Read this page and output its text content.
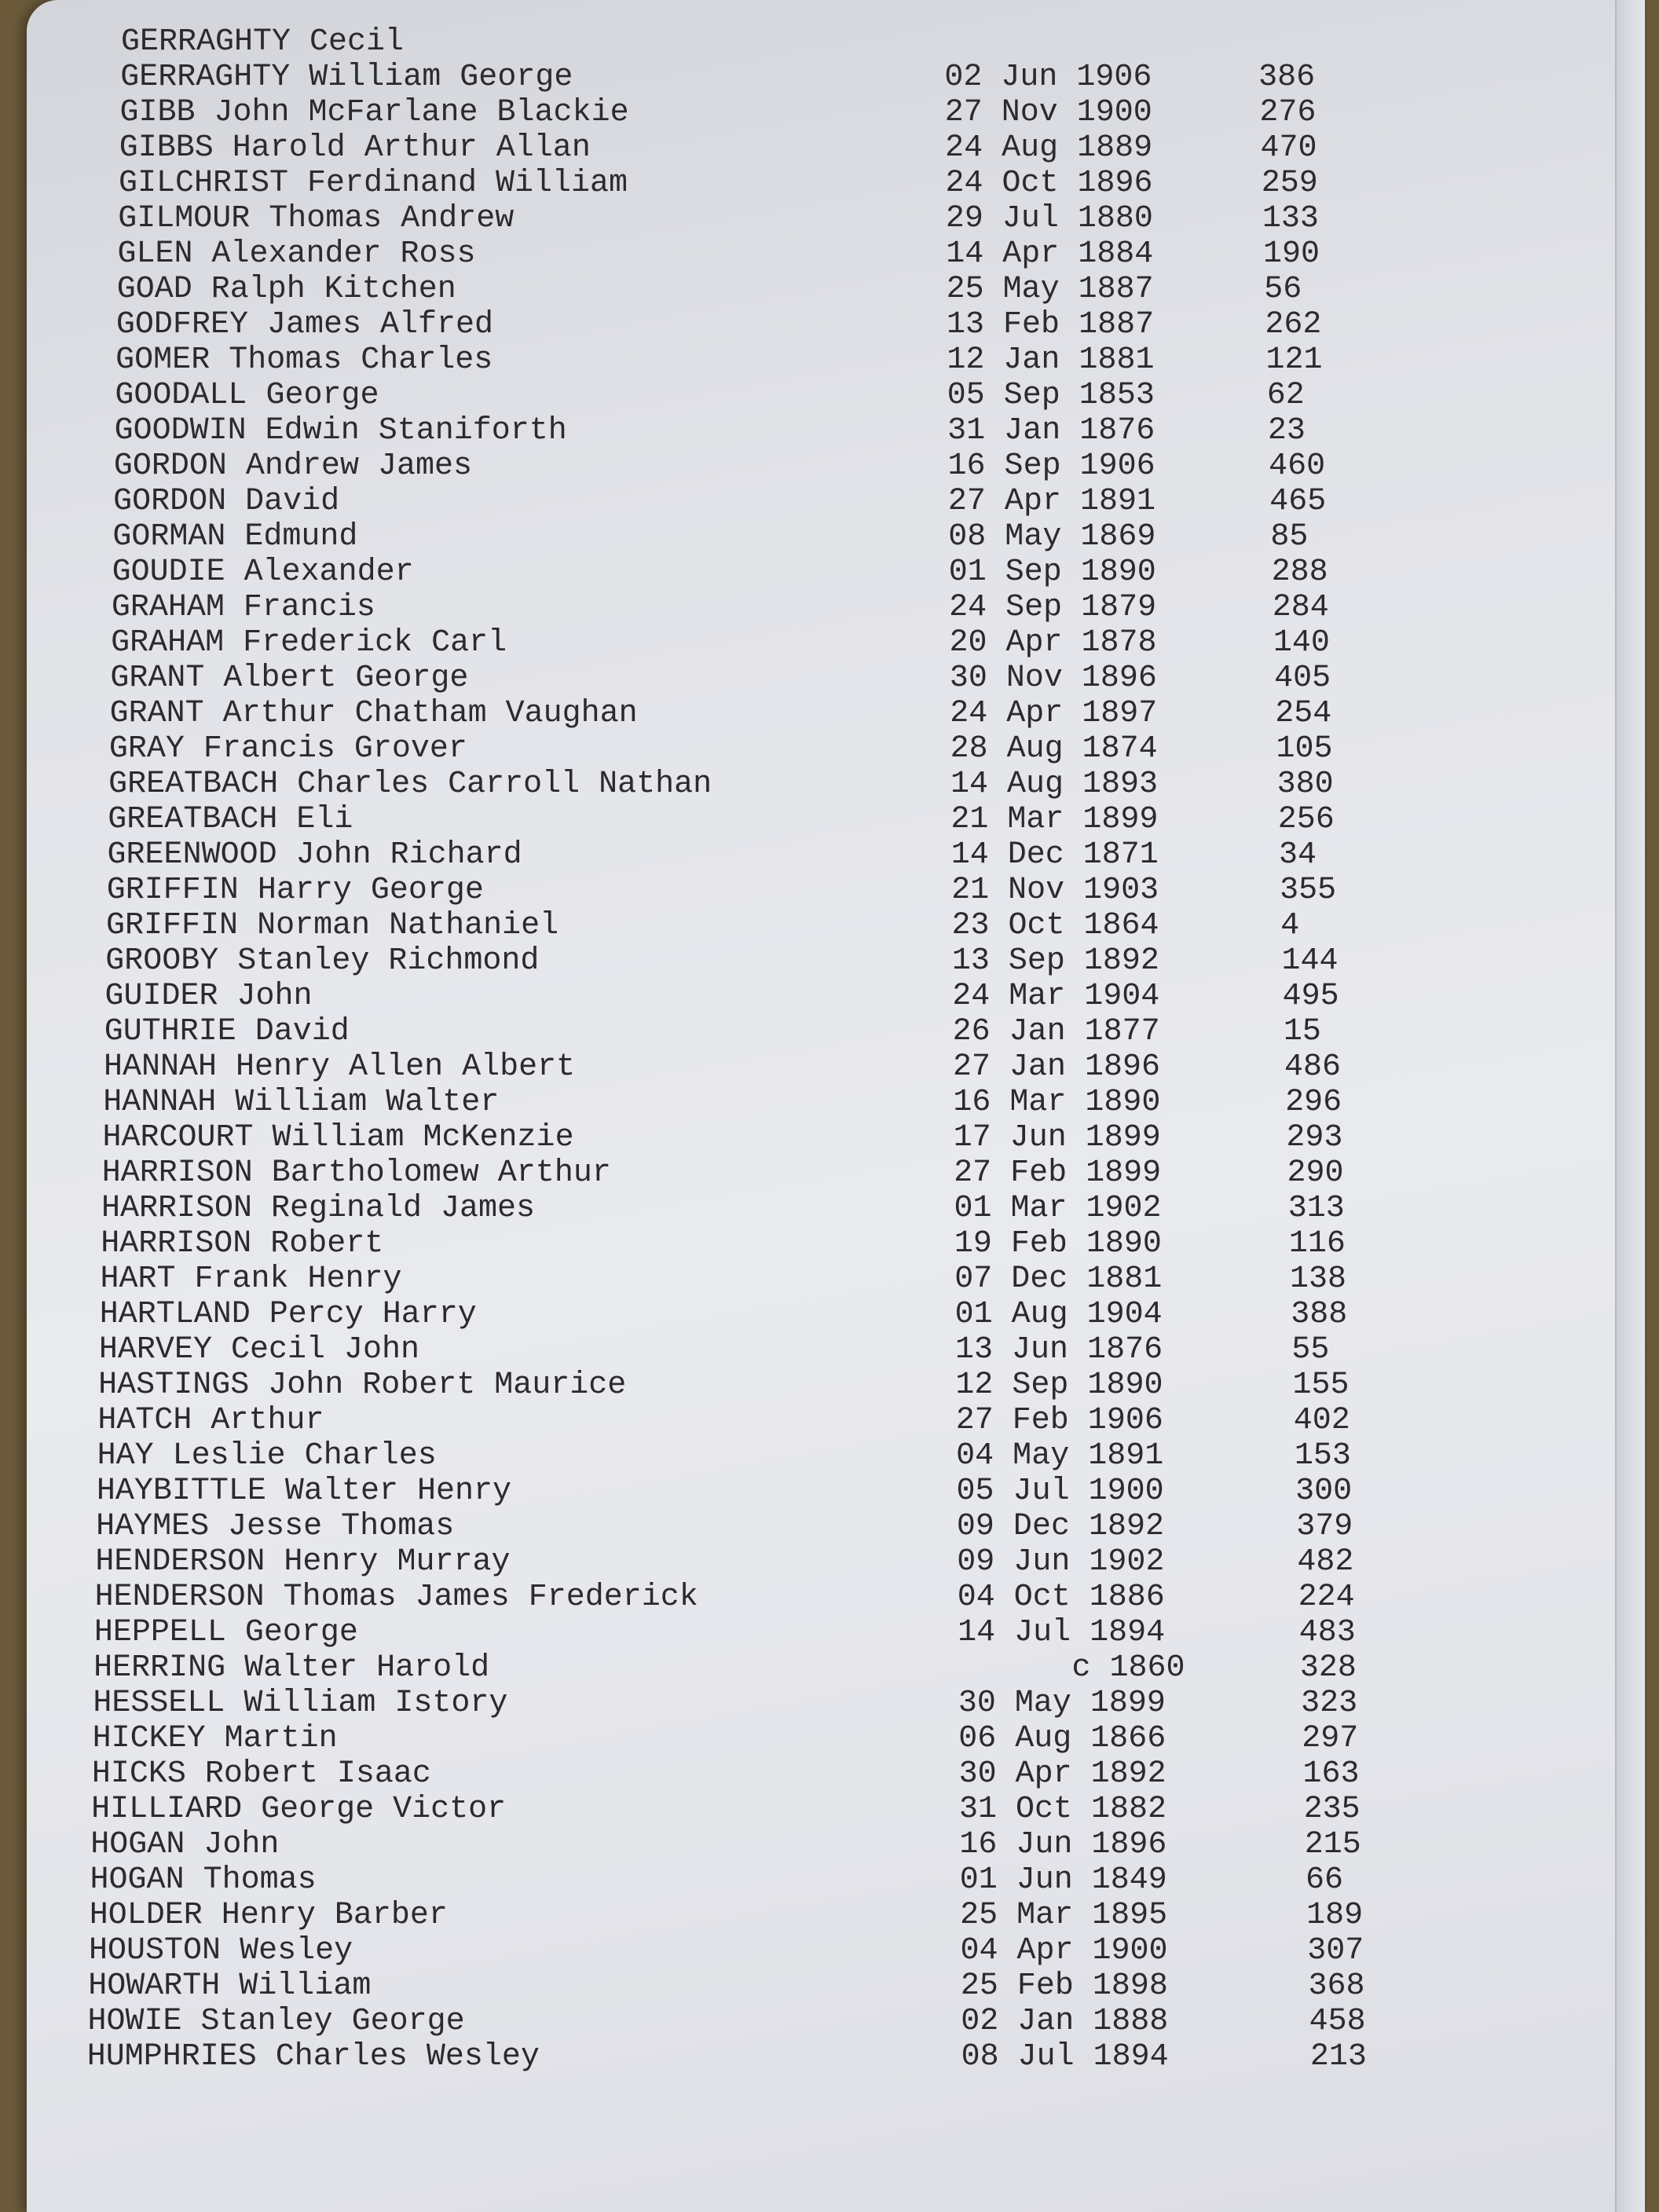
GERRAGHTY Cecil
GERRAGHTY William George	02 Jun 1906	386
GIBB John McFarlane Blackie	27 Nov 1900	276
GIBBS Harold Arthur Allan	24 Aug 1889	470
GILCHRIST Ferdinand William	24 Oct 1896	259
GILMOUR Thomas Andrew	29 Jul 1880	133
GLEN Alexander Ross	14 Apr 1884	190
GOAD Ralph Kitchen	25 May 1887	56
GODFREY James Alfred	13 Feb 1887	262
GOMER Thomas Charles	12 Jan 1881	121
GOODALL George	05 Sep 1853	62
GOODWIN Edwin Staniforth	31 Jan 1876	23
GORDON Andrew James	16 Sep 1906	460
GORDON David	27 Apr 1891	465
GORMAN Edmund	08 May 1869	85
GOUDIE Alexander	01 Sep 1890	288
GRAHAM Francis	24 Sep 1879	284
GRAHAM Frederick Carl	20 Apr 1878	140
GRANT Albert George	30 Nov 1896	405
GRANT Arthur Chatham Vaughan	24 Apr 1897	254
GRAY Francis Grover	28 Aug 1874	105
GREATBACH Charles Carroll Nathan	14 Aug 1893	380
GREATBACH Eli	21 Mar 1899	256
GREENWOOD John Richard	14 Dec 1871	34
GRIFFIN Harry George	21 Nov 1903	355
GRIFFIN Norman Nathaniel	23 Oct 1864	4
GROOBY Stanley Richmond	13 Sep 1892	144
GUIDER John	24 Mar 1904	495
GUTHRIE David	26 Jan 1877	15
HANNAH Henry Allen Albert	27 Jan 1896	486
HANNAH William Walter	16 Mar 1890	296
HARCOURT William McKenzie	17 Jun 1899	293
HARRISON Bartholomew Arthur	27 Feb 1899	290
HARRISON Reginald James	01 Mar 1902	313
HARRISON Robert	19 Feb 1890	116
HART Frank Henry	07 Dec 1881	138
HARTLAND Percy Harry	01 Aug 1904	388
HARVEY Cecil John	13 Jun 1876	55
HASTINGS John Robert Maurice	12 Sep 1890	155
HATCH Arthur	27 Feb 1906	402
HAY Leslie Charles	04 May 1891	153
HAYBITTLE Walter Henry	05 Jul 1900	300
HAYMES Jesse Thomas	09 Dec 1892	379
HENDERSON Henry Murray	09 Jun 1902	482
HENDERSON Thomas James Frederick	04 Oct 1886	224
HEPPELL George	14 Jul 1894	483
HERRING Walter Harold	c 1860	328
HESSELL William Istory	30 May 1899	323
HICKEY Martin	06 Aug 1866	297
HICKS Robert Isaac	30 Apr 1892	163
HILLIARD George Victor	31 Oct 1882	235
HOGAN John	16 Jun 1896	215
HOGAN Thomas	01 Jun 1849	66
HOLDER Henry Barber	25 Mar 1895	189
HOUSTON Wesley	04 Apr 1900	307
HOWARTH William	25 Feb 1898	368
HOWIE Stanley George	02 Jan 1888	458
HUMPHRIES Charles Wesley	08 Jul 1894	213
